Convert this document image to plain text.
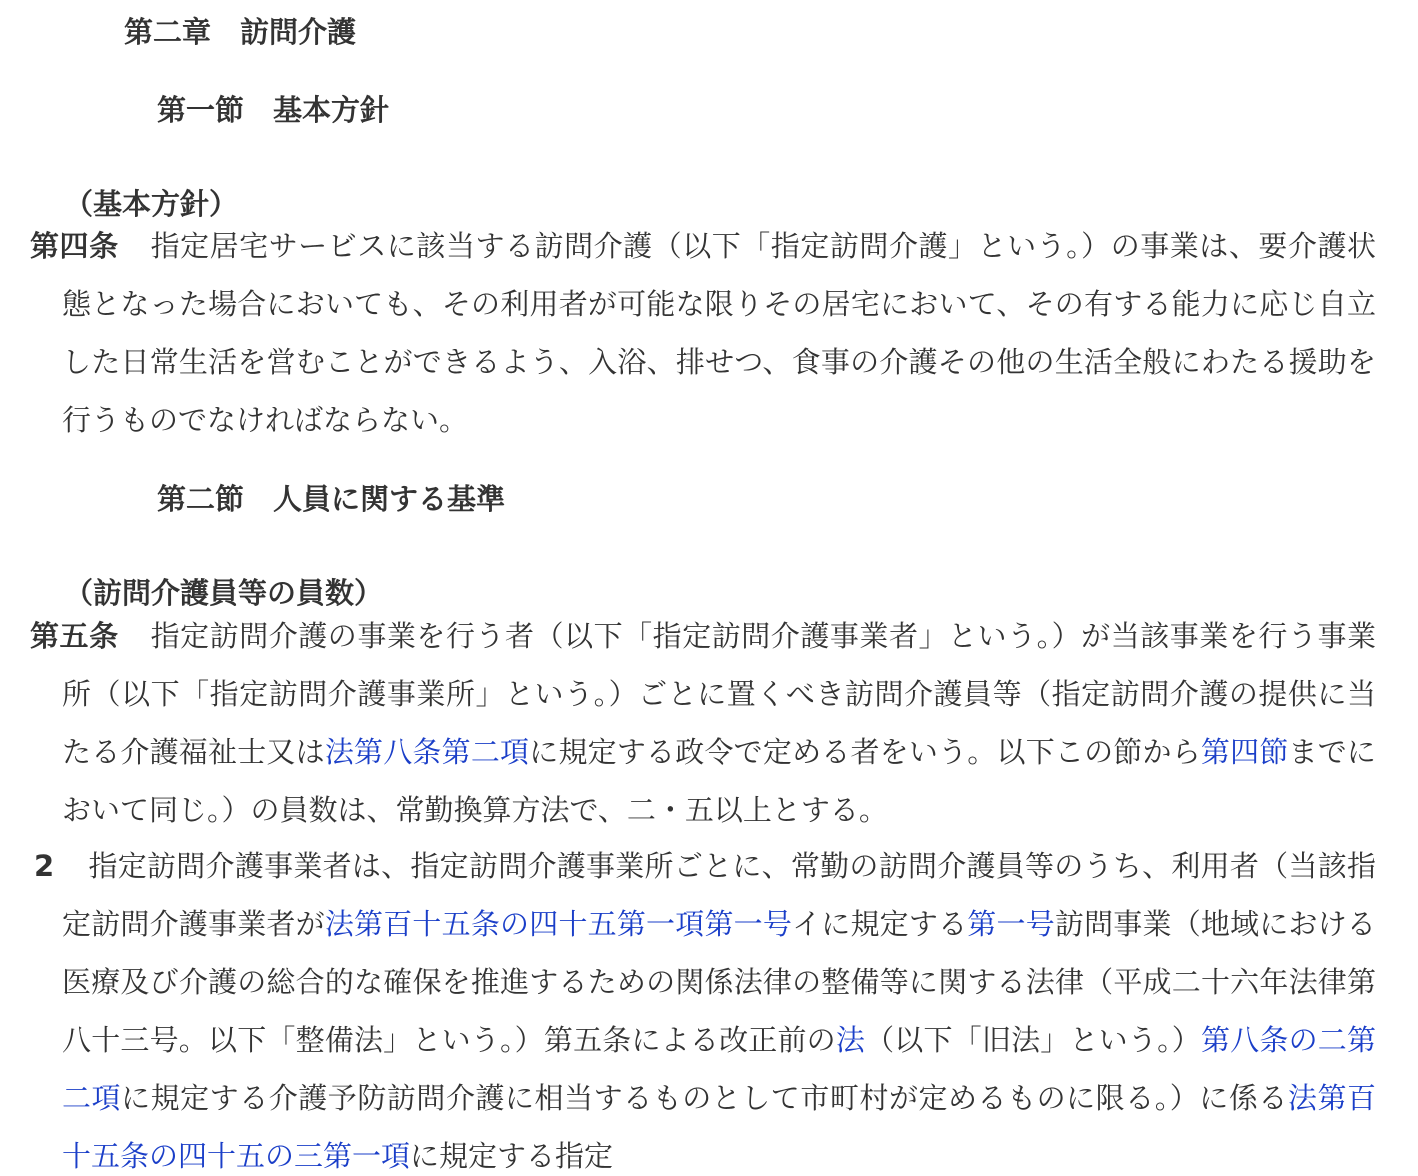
第二章　訪問介護
第一節　基本方針
（基本方針）
第四条 指定居宅サービスに該当する訪問介護（以下「指定訪問介護」という。）の事業は、要介護状態となった場合においても、その利用者が可能な限りその居宅において、その有する能力に応じ自立した日常生活を営むことができるよう、入浴、排せつ、食事の介護その他の生活全般にわたる援助を行うものでなければならない。
第二節　人員に関する基準
（訪問介護員等の員数）
第五条 指定訪問介護の事業を行う者（以下「指定訪問介護事業者」という。）が当該事業を行う事業所（以下「指定訪問介護事業所」という。）ごとに置くべき訪問介護員等（指定訪問介護の提供に当たる介護福祉士又は法第八条第二項に規定する政令で定める者をいう。以下この節から第四節までにおいて同じ。）の員数は、常勤換算方法で、二・五以上とする。
2 指定訪問介護事業者は、指定訪問介護事業所ごとに、常勤の訪問介護員等のうち、利用者（当該指定訪問介護事業者が法第百十五条の四十五第一項第一号イに規定する第一号訪問事業（地域における医療及び介護の総合的な確保を推進するための関係法律の整備等に関する法律（平成二十六年法律第八十三号。以下「整備法」という。）第五条による改正前の法（以下「旧法」という。）第八条の二第二項に規定する介護予防訪問介護に相当するものとして市町村が定めるものに限る。）に係る法第百十五条の四十五の三第一項に規定する指定
